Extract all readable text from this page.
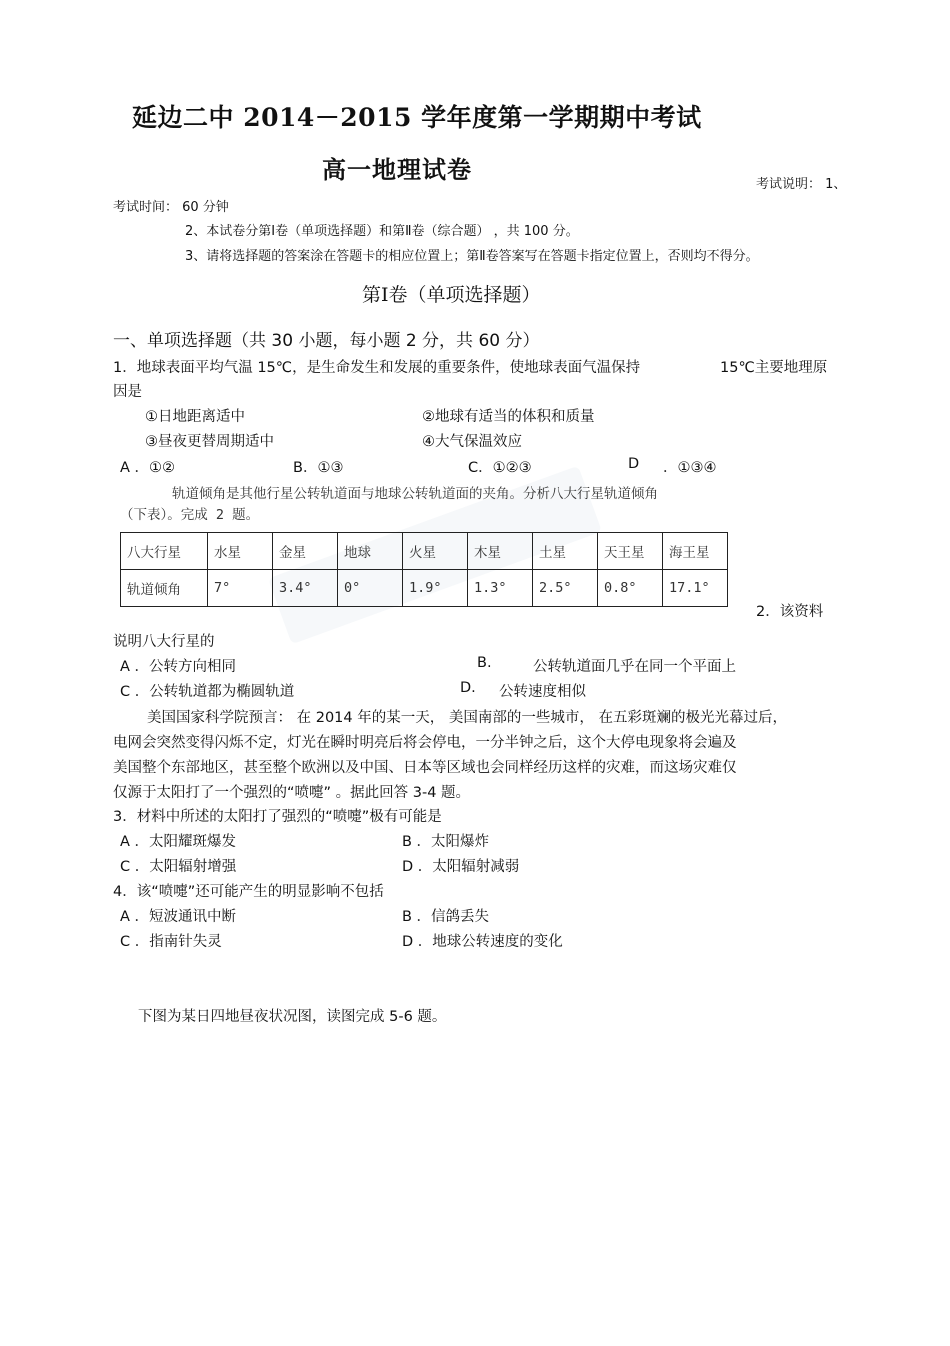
延边二中 2014－2015 学年度第一学期期中考试
高一地理试卷
考试说明： 1、
考试时间： 60 分钟
2、本试卷分第Ⅰ卷（单项选择题）和第Ⅱ卷（综合题） ，共 100 分。
3、请将选择题的答案涂在答题卡的相应位置上；第Ⅱ卷答案写在答题卡指定位置上，否则均不得分。
第Ⅰ卷（单项选择题）
一、单项选择题（共 30 小题，每小题 2 分，共 60 分）
1．地球表面平均气温 15℃，是生命发生和发展的重要条件，使地球表面气温保持	15℃主要地理原
因是
①日地距离适中	②地球有适当的体积和质量
③昼夜更替周期适中	④大气保温效应
A ．①②	B．①③	C．①②③	D ．①③④
轨道倾角是其他行星公转轨道面与地球公转轨道面的夹角。分析八大行星轨道倾角
（下表）。完成 2 题。
八大行星	水星	金星	地球	火星	木星	土星	天王星	海王星
轨道倾角	7°	3.4°	0°	1.9°	1.3°	2.5°	0.8°	17.1°
2．该资料
说明八大行星的
A ．公转方向相同	B.	公转轨道面几乎在同一个平面上
C ．公转轨道都为椭圆轨道	D. 公转速度相似
美国国家科学院预言： 在 2014 年的某一天， 美国南部的一些城市， 在五彩斑斓的极光光幕过后，
电网会突然变得闪烁不定，灯光在瞬时明亮后将会停电，一分半钟之后，这个大停电现象将会遍及
美国整个东部地区，甚至整个欧洲以及中国、日本等区域也会同样经历这样的灾难，而这场灾难仅
仅源于太阳打了一个强烈的“喷嚏” 。据此回答 3-4 题。
3．材料中所述的太阳打了强烈的“喷嚏”极有可能是
A ．太阳耀斑爆发	B ．太阳爆炸
C ．太阳辐射增强	D ．太阳辐射减弱
4．该“喷嚏”还可能产生的明显影响不包括
A ．短波通讯中断	B ．信鸽丢失
C ．指南针失灵	D ．地球公转速度的变化
下图为某日四地昼夜状况图，读图完成 5-6 题。
